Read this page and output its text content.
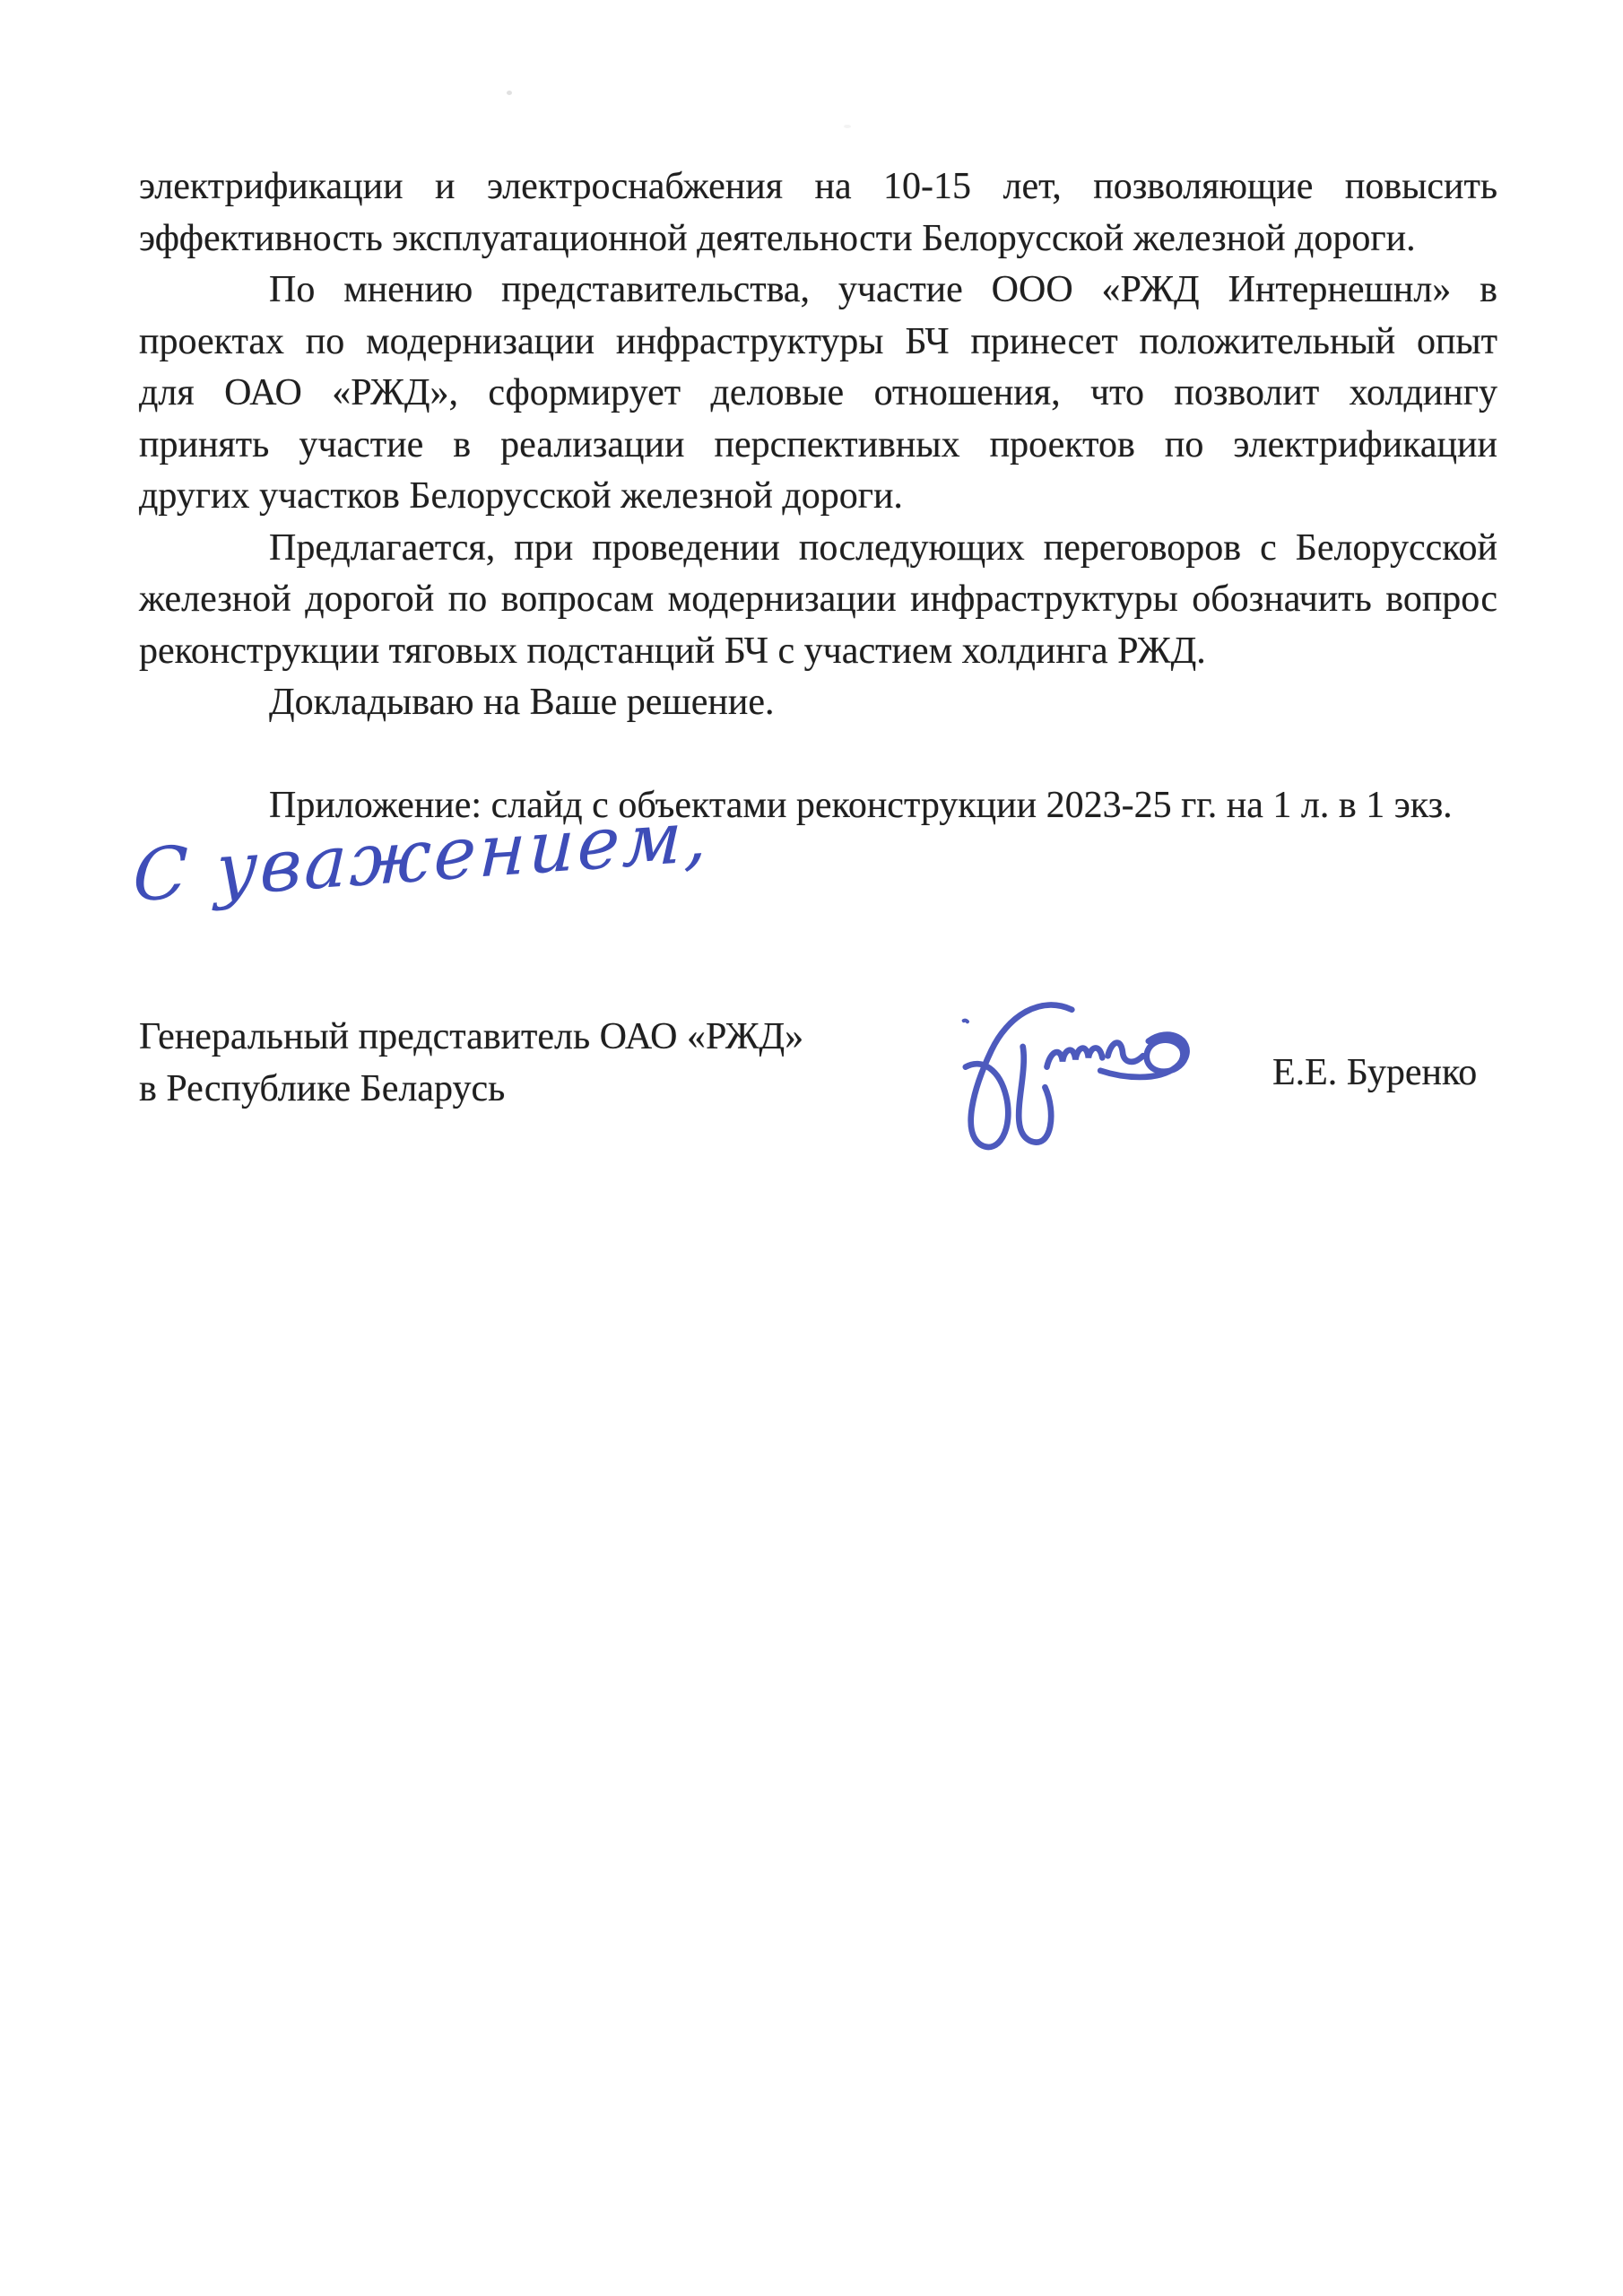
электрификации и электроснабжения на 10-15 лет, позволяющие повысить
эффективность эксплуатационной деятельности Белорусской железной дороги.
По мнению представительства, участие ООО «РЖД Интернешнл» в
проектах по модернизации инфраструктуры БЧ принесет положительный опыт
для ОАО «РЖД», сформирует деловые отношения, что позволит холдингу
принять участие в реализации перспективных проектов по электрификации
других участков Белорусской железной дороги.
Предлагается, при проведении последующих переговоров с Белорусской
железной дорогой по вопросам модернизации инфраструктуры обозначить вопрос
реконструкции тяговых подстанций БЧ с участием холдинга РЖД.
Докладываю на Ваше решение.
Приложение: слайд с объектами реконструкции 2023-25 гг. на 1 л. в 1 экз.
С уважением,
Генеральный представитель ОАО «РЖД»
в Республике Беларусь	Е.Е. Буренко
